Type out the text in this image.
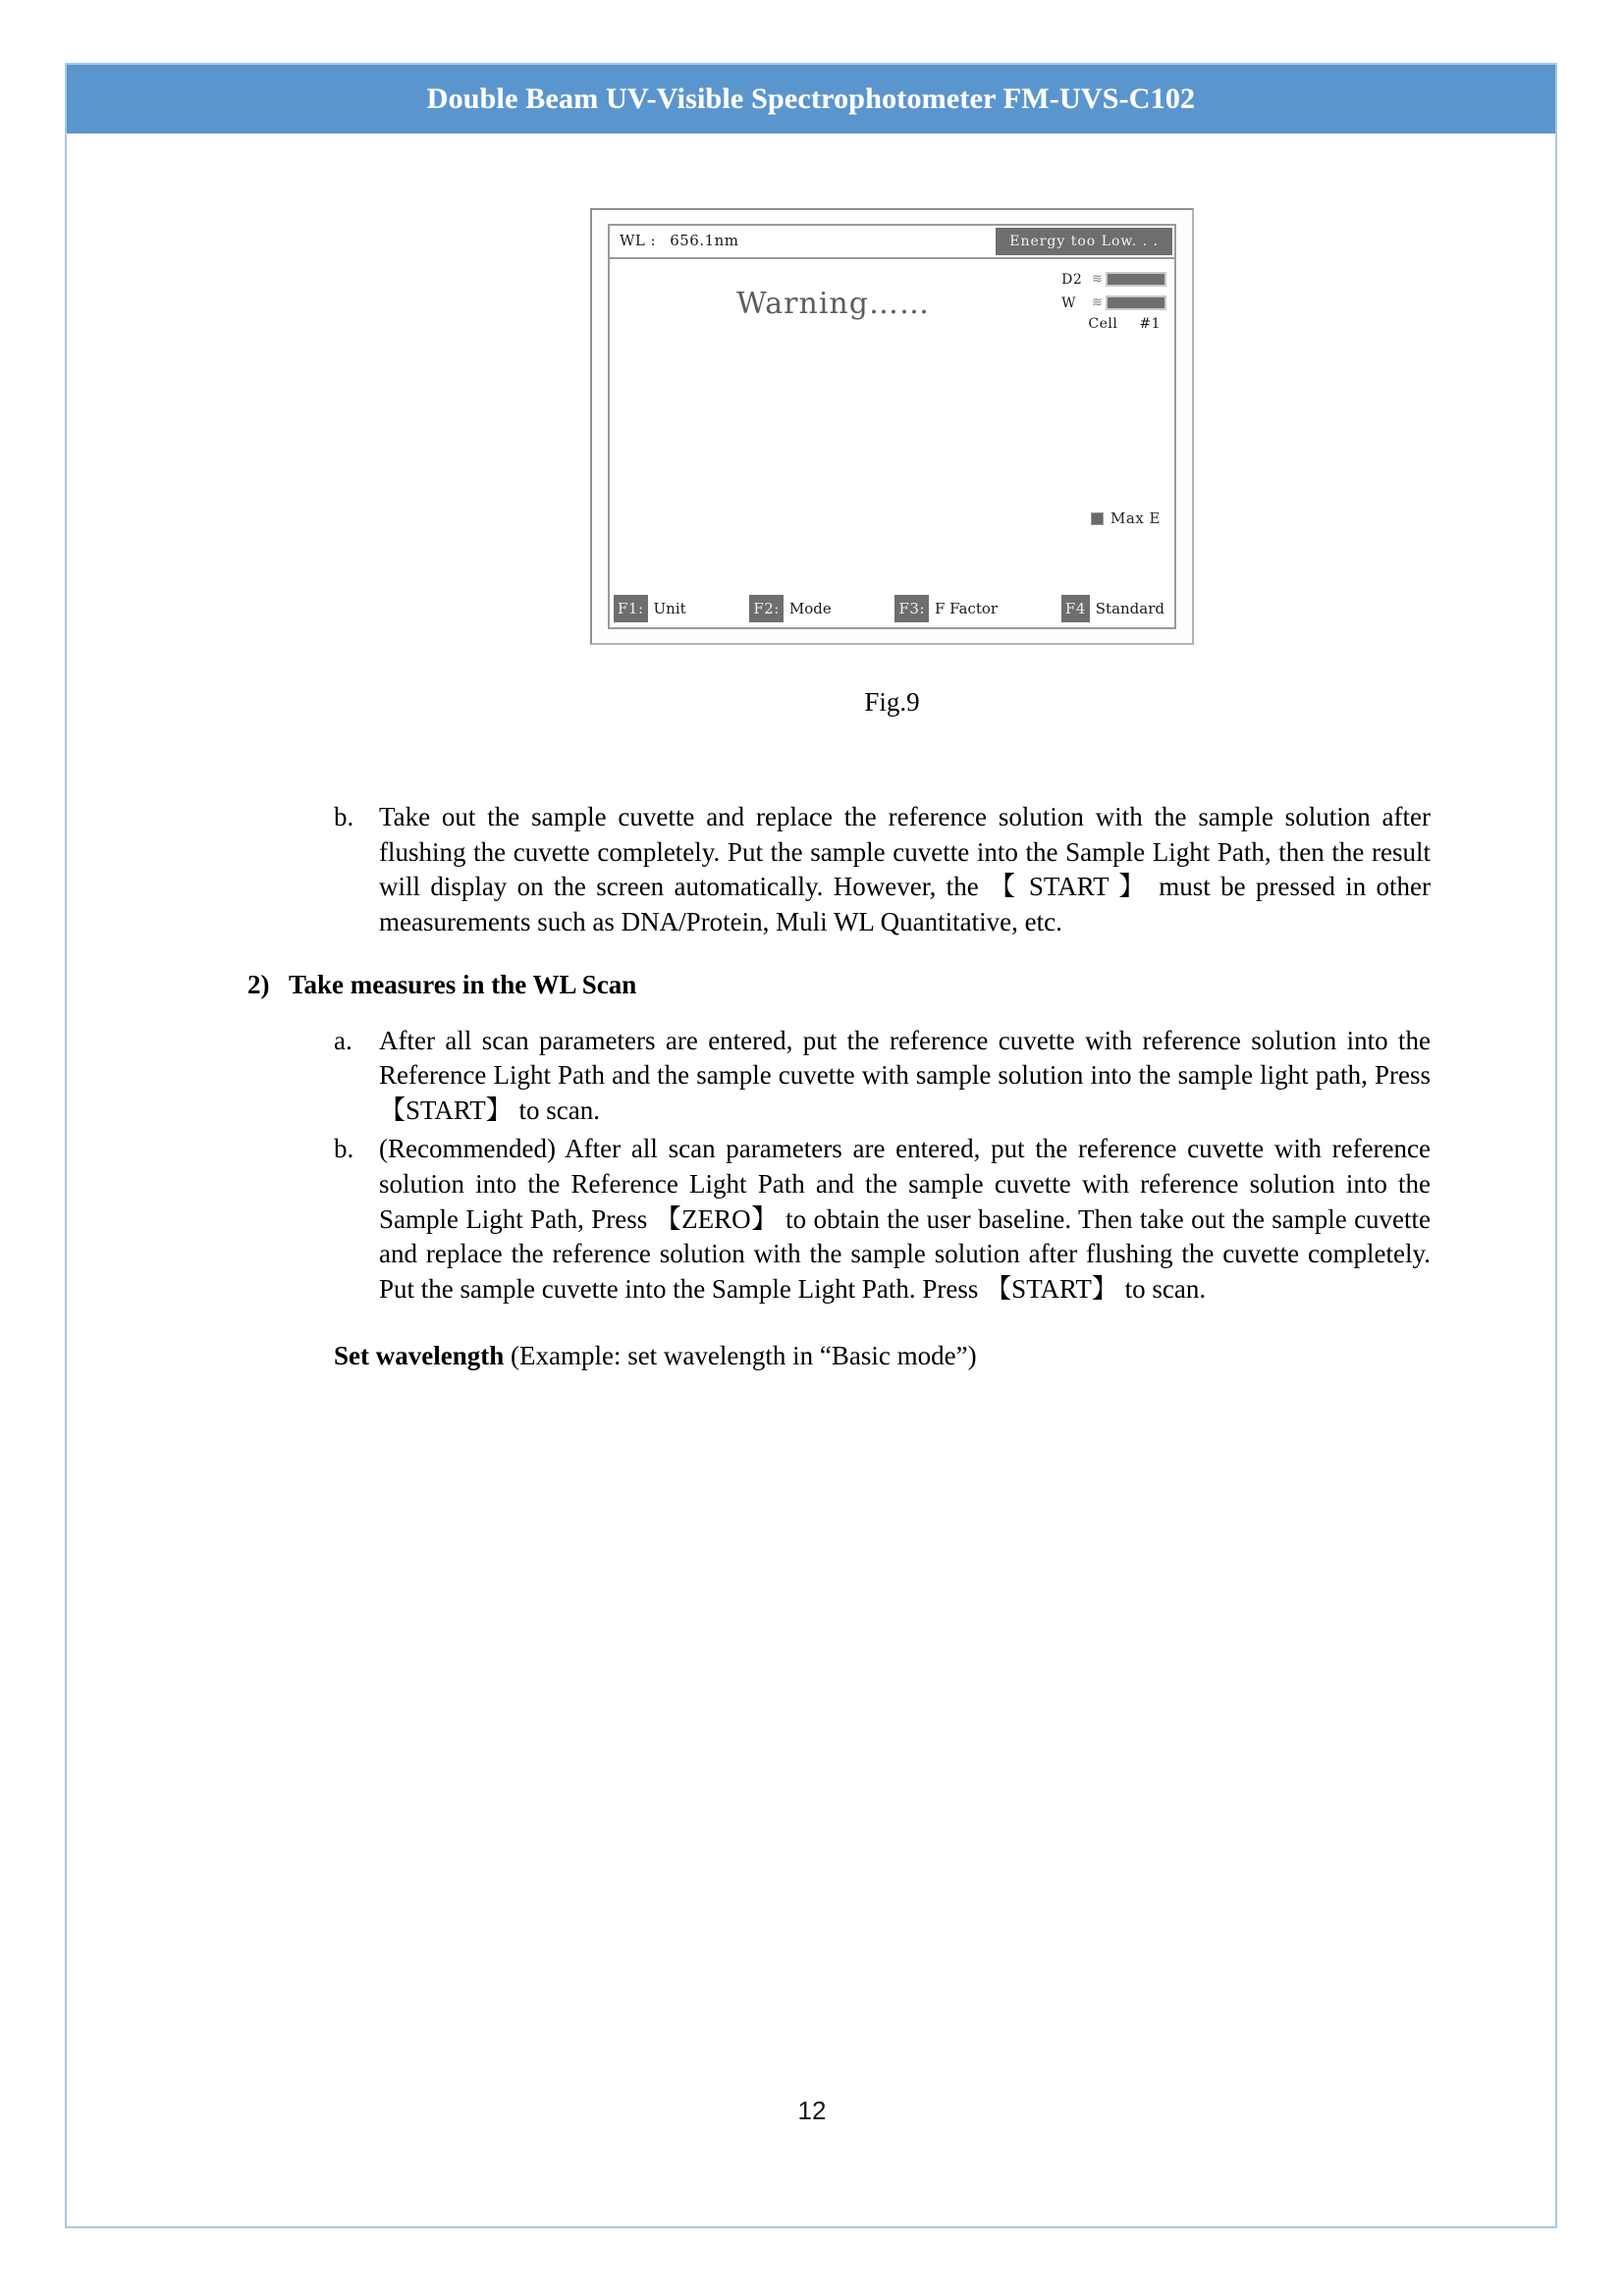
Double Beam UV-Visible Spectrophotometer FM-UVS-C102
WL : 656.1nm	Energy too Low. . .
D2 ≋
W	≋
Cell #1
Warning……
Max E
F1: Unit	F2: Mode	F3: F Factor	F4 Standard
Fig.9
b. Take out the sample cuvette and replace the reference solution with the sample solution after flushing the cuvette completely. Put the sample cuvette into the Sample Light Path, then the result will display on the screen automatically. However, the 【 START 】 must be pressed in other measurements such as DNA/Protein, Muli WL Quantitative, etc.
2) Take measures in the WL Scan
a.	After all scan parameters are entered, put the reference cuvette with reference solution into the Reference Light Path and the sample cuvette with sample solution into the sample light path, Press 【START】 to scan.
b. (Recommended) After all scan parameters are entered, put the reference cuvette with reference solution into the Reference Light Path and the sample cuvette with reference solution into the Sample Light Path, Press 【ZERO】 to obtain the user baseline. Then take out the sample cuvette and replace the reference solution with the sample solution after flushing the cuvette completely. Put the sample cuvette into the Sample Light Path. Press 【START】 to scan.
Set wavelength (Example: set wavelength in “Basic mode”)
12
